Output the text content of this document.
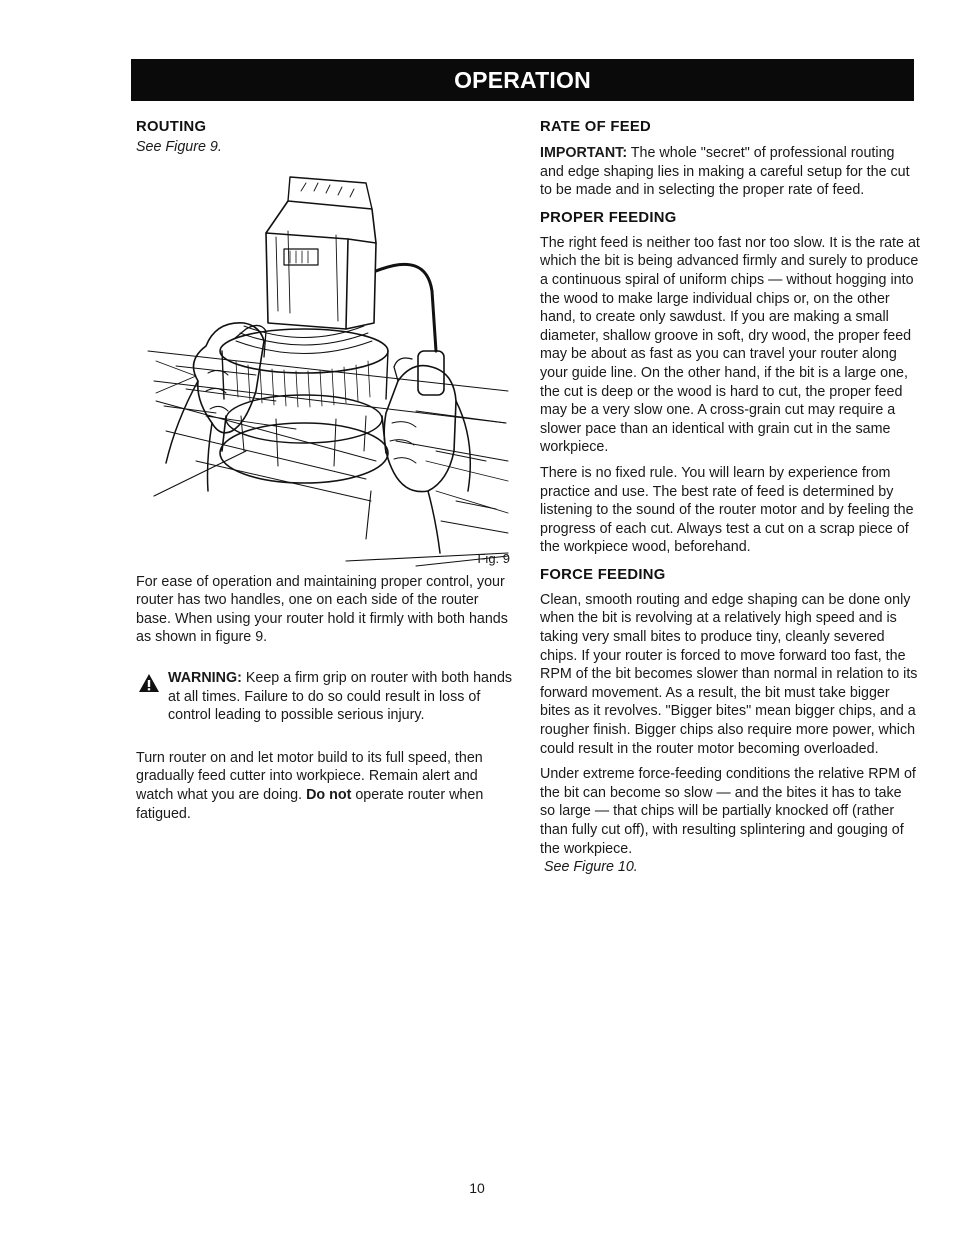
OPERATION
ROUTING

See Figure 9.

Fig. 9

For ease of operation and maintaining proper control, your router has two handles, one on each side of the router base. When using your router hold it firmly with both hands as shown in figure 9.

WARNING: Keep a firm grip on router with both hands at all times. Failure to do so could result in loss of control leading to possible serious injury.

Turn router on and let motor build to its full speed, then gradually feed cutter into workpiece. Remain alert and watch what you are doing. Do not operate router when fatigued.

RATE OF FEED

IMPORTANT: The whole "secret" of professional routing and edge shaping lies in making a careful setup for the cut to be made and in selecting the proper rate of feed.

PROPER FEEDING

The right feed is neither too fast nor too slow. It is the rate at which the bit is being advanced firmly and surely to produce a continuous spiral of uniform chips — without hogging into the wood to make large individual chips or, on the other hand, to create only sawdust. If you are making a small diameter, shallow groove in soft, dry wood, the proper feed may be about as fast as you can travel your router along your guide line. On the other hand, if the bit is a large one, the cut is deep or the wood is hard to cut, the proper feed may be a very slow one. A cross-grain cut may require a slower pace than an identical with grain cut in the same workpiece.

There is no fixed rule. You will learn by experience from practice and use. The best rate of feed is determined by listening to the sound of the router motor and by feeling the progress of each cut. Always test a cut on a scrap piece of the workpiece wood, beforehand.

FORCE FEEDING

Clean, smooth routing and edge shaping can be done only when the bit is revolving at a relatively high speed and is taking very small bites to produce tiny, cleanly severed chips. If your router is forced to move forward too fast, the RPM of the bit becomes slower than normal in relation to its forward movement. As a result, the bit must take bigger bites as it revolves. "Bigger bites" mean bigger chips, and a rougher finish. Bigger chips also require more power, which could result in the router motor becoming overloaded.

Under extreme force-feeding conditions the relative RPM of the bit can become so slow — and the bites it has to take so large — that chips will be partially knocked off (rather than fully cut off), with resulting splintering and gouging of the workpiece.

See Figure 10.

10
